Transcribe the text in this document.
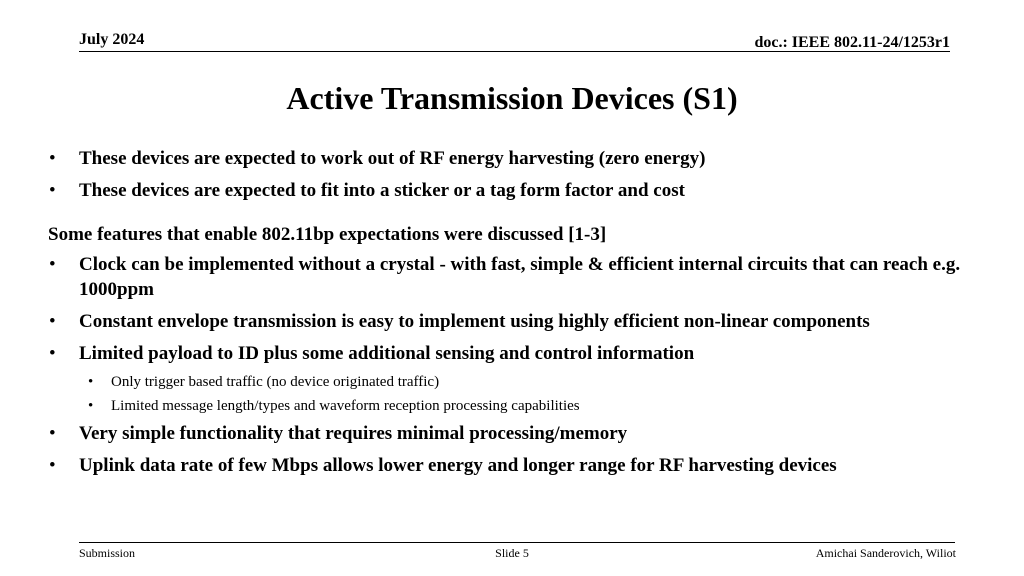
July 2024	doc.: IEEE 802.11-24/1253r1
Active Transmission Devices (S1)
• These devices are expected to work out of RF energy harvesting (zero energy)
• These devices are expected to fit into a sticker or a tag form factor and cost
Some features that enable 802.11bp expectations were discussed [1-3]
• Clock can be implemented without a crystal - with fast, simple & efficient internal circuits that can reach e.g. 1000ppm
• Constant envelope transmission is easy to implement using highly efficient non-linear components
• Limited payload to ID plus some additional sensing and control information
• Only trigger based traffic (no device originated traffic)
• Limited message length/types and waveform reception processing capabilities
• Very simple functionality that requires minimal processing/memory
• Uplink data rate of few Mbps allows lower energy and longer range for RF harvesting devices
Submission	Slide 5	Amichai Sanderovich, Wiliot
